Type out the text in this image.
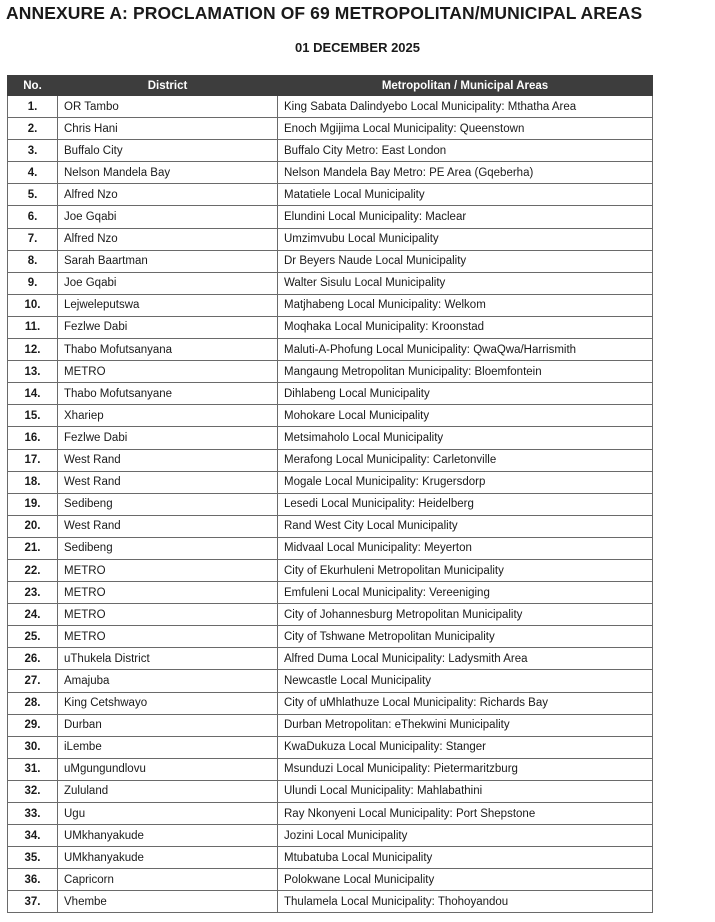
ANNEXURE A: PROCLAMATION OF 69 METROPOLITAN/MUNICIPAL AREAS
01 DECEMBER 2025
No.	District	Metropolitan / Municipal Areas
1.	OR Tambo	King Sabata Dalindyebo Local Municipality: Mthatha Area
2.	Chris Hani	Enoch Mgijima Local Municipality: Queenstown
3.	Buffalo City	Buffalo City Metro: East London
4.	Nelson Mandela Bay	Nelson Mandela Bay Metro: PE Area (Gqeberha)
5.	Alfred Nzo	Matatiele Local Municipality
6.	Joe Gqabi	Elundini Local Municipality: Maclear
7.	Alfred Nzo	Umzimvubu Local Municipality
8.	Sarah Baartman	Dr Beyers Naude Local Municipality
9.	Joe Gqabi	Walter Sisulu Local Municipality
10.	Lejweleputswa	Matjhabeng Local Municipality: Welkom
11.	Fezlwe Dabi	Moqhaka Local Municipality: Kroonstad
12.	Thabo Mofutsanyana	Maluti-A-Phofung Local Municipality: QwaQwa/Harrismith
13.	METRO	Mangaung Metropolitan Municipality: Bloemfontein
14.	Thabo Mofutsanyane	Dihlabeng Local Municipality
15.	Xhariep	Mohokare Local Municipality
16.	Fezlwe Dabi	Metsimaholo Local Municipality
17.	West Rand	Merafong Local Municipality: Carletonville
18.	West Rand	Mogale Local Municipality: Krugersdorp
19.	Sedibeng	Lesedi Local Municipality: Heidelberg
20.	West Rand	Rand West City Local Municipality
21.	Sedibeng	Midvaal Local Municipality: Meyerton
22.	METRO	City of Ekurhuleni Metropolitan Municipality
23.	METRO	Emfuleni Local Municipality: Vereeniging
24.	METRO	City of Johannesburg Metropolitan Municipality
25.	METRO	City of Tshwane Metropolitan Municipality
26.	uThukela District	Alfred Duma Local Municipality: Ladysmith Area
27.	Amajuba	Newcastle Local Municipality
28.	King Cetshwayo	City of uMhlathuze Local Municipality: Richards Bay
29.	Durban	Durban Metropolitan: eThekwini Municipality
30.	iLembe	KwaDukuza Local Municipality: Stanger
31.	uMgungundlovu	Msunduzi Local Municipality: Pietermaritzburg
32.	Zululand	Ulundi Local Municipality: Mahlabathini
33.	Ugu	Ray Nkonyeni Local Municipality: Port Shepstone
34.	UMkhanyakude	Jozini Local Municipality
35.	UMkhanyakude	Mtubatuba Local Municipality
36.	Capricorn	Polokwane Local Municipality
37.	Vhembe	Thulamela Local Municipality: Thohoyandou
